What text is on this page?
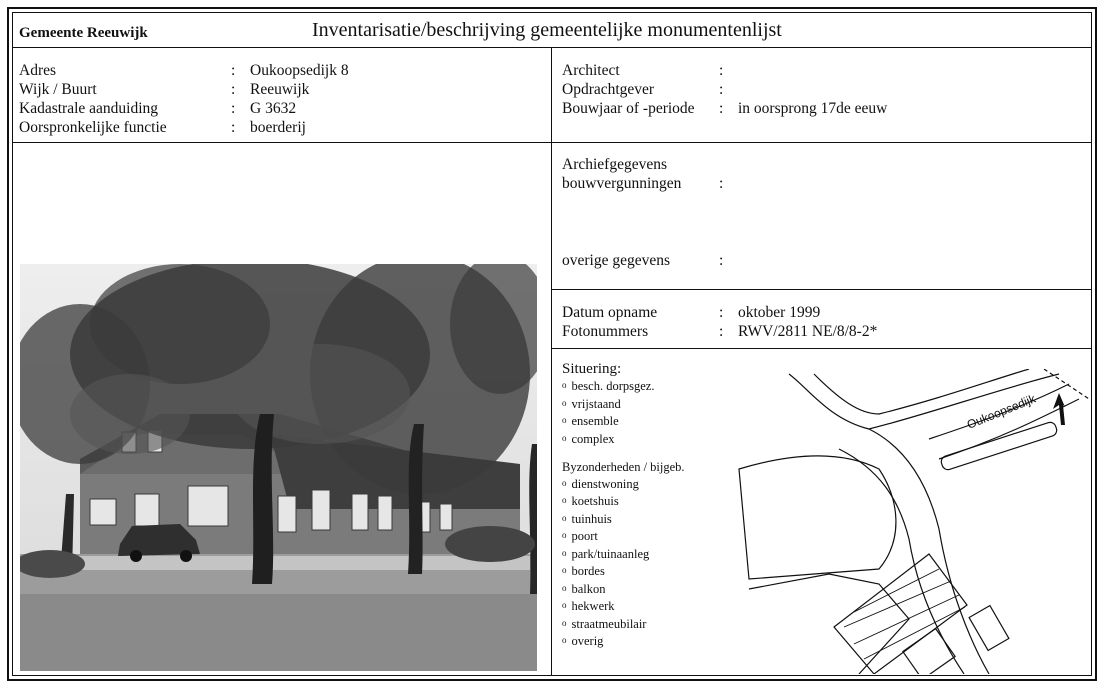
Gemeente Reeuwijk	Inventarisatie/beschrijving gemeentelijke monumentenlijst
Adres	: Oukoopsedijk 8
Wijk / Buurt	: Reeuwijk
Kadastrale aanduiding	: G 3632
Oorspronkelijke functie	: boerderij
Architect	:
Opdrachtgever	:
Bouwjaar of -periode : in oorsprong 17de eeuw
Archiefgegevens
bouwvergunningen :
overige gegevens	:
Datum opname	: oktober 1999
Fotonummers	: RWV/2811 NE/8/8-2*
Situering:
o besch. dorpsgez.
o vrijstaand
o ensemble
o complex
Byzonderheden / bijgeb.
o dienstwoning
o koetshuis
o tuinhuis
o poort
o park/tuinaanleg
o bordes
o balkon
o hekwerk
o straatmeubilair
o overig
Oukoopsedijk
